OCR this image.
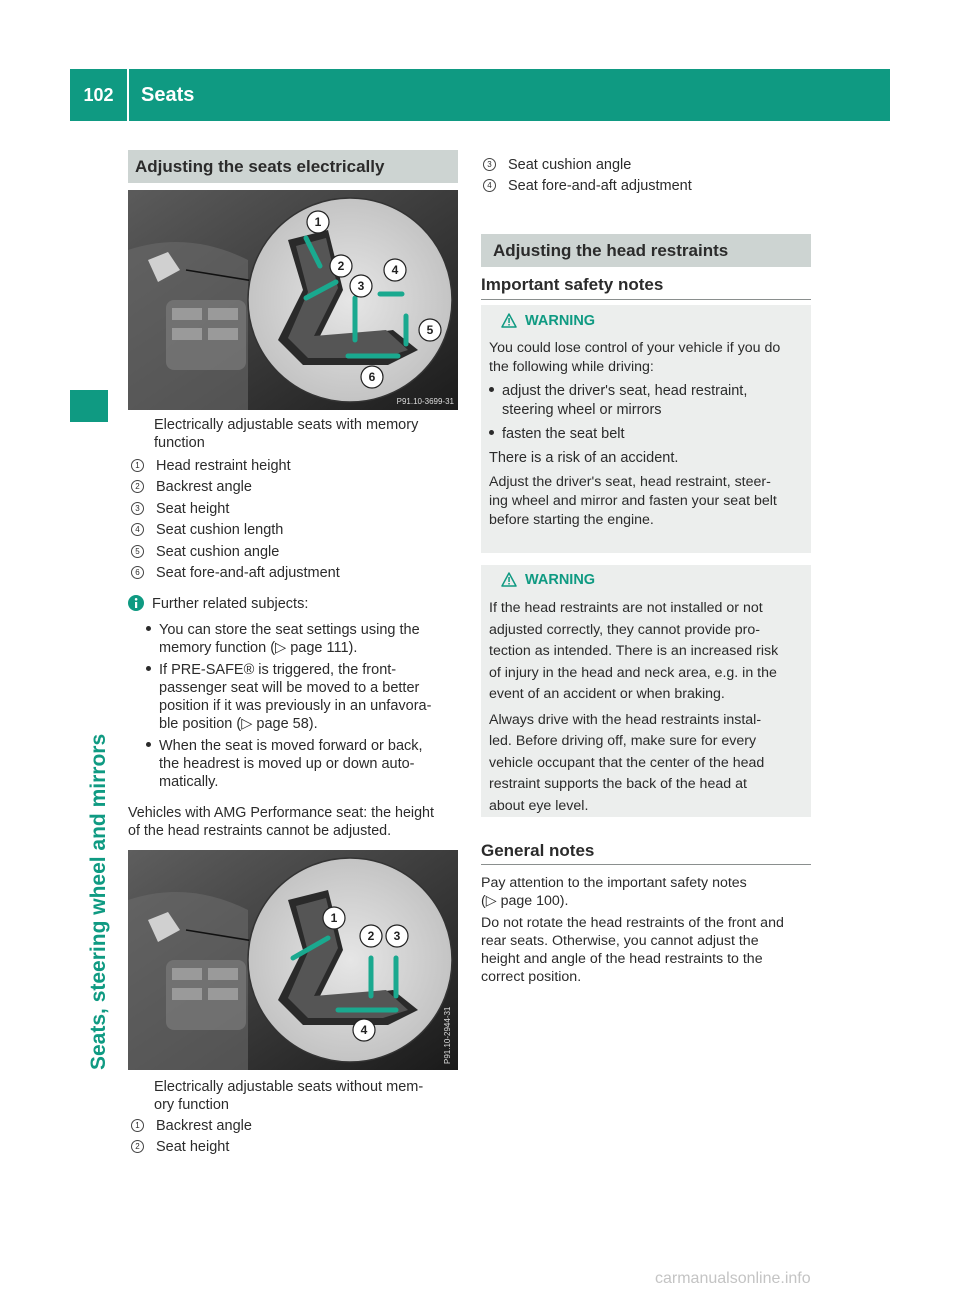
102	Seats
Seats, steering wheel and mirrors
Adjusting the seats electrically
1
2
3
4
5
6
P91.10-3699-31
Electrically adjustable seats with memory
function
1 Head restraint height
2 Backrest angle
3 Seat height
4 Seat cushion length
5 Seat cushion angle
6 Seat fore-and-aft adjustment
Further related subjects:
You can store the seat settings using the
memory function (▷ page 111).
If PRE-SAFE® is triggered, the front-
passenger seat will be moved to a better
position if it was previously in an unfavora-
ble position (▷ page 58).
When the seat is moved forward or back,
the headrest is moved up or down auto-
matically.
Vehicles with AMG Performance seat: the height
of the head restraints cannot be adjusted.
1
2 3
4	P91.10-2944-31
Electrically adjustable seats without mem-
ory function
1 Backrest angle
2 Seat height
3 Seat cushion angle
4 Seat fore-and-aft adjustment
Adjusting the head restraints
Important safety notes
WARNING
You could lose control of your vehicle if you do
the following while driving:
adjust the driver's seat, head restraint,
steering wheel or mirrors
fasten the seat belt
There is a risk of an accident.
Adjust the driver's seat, head restraint, steer-
ing wheel and mirror and fasten your seat belt
before starting the engine.
WARNING
If the head restraints are not installed or not
adjusted correctly, they cannot provide pro-
tection as intended. There is an increased risk
of injury in the head and neck area, e.g. in the
event of an accident or when braking.
Always drive with the head restraints instal-
led. Before driving off, make sure for every
vehicle occupant that the center of the head
restraint supports the back of the head at
about eye level.
General notes
Pay attention to the important safety notes
(▷ page 100).
Do not rotate the head restraints of the front and
rear seats. Otherwise, you cannot adjust the
height and angle of the head restraints to the
correct position.
carmanualsonline.info
